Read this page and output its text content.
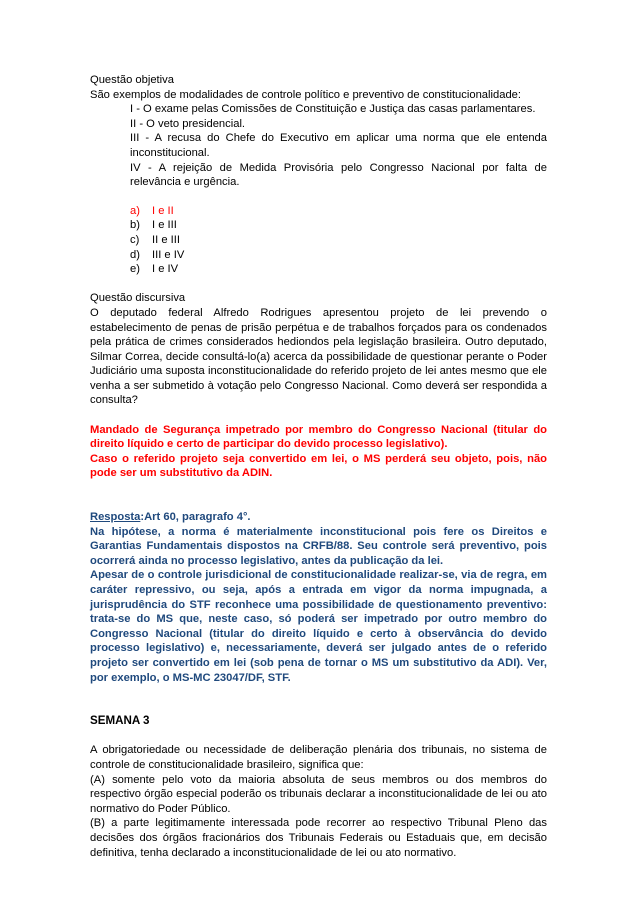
Questão objetiva

São exemplos de modalidades de controle político e preventivo de constitucionalidade:

I - O exame pelas Comissões de Constituição e Justiça das casas parlamentares.

II - O veto presidencial.

III - A recusa do Chefe do Executivo em aplicar uma norma que ele entenda inconstitucional.

IV - A rejeição de Medida Provisória pelo Congresso Nacional por falta de relevância e urgência.

a)	I e II
b)	I e III
c)	II e III
d)	III e IV
e)	I e IV

Questão discursiva

O deputado federal Alfredo Rodrigues apresentou projeto de lei prevendo o estabelecimento de penas de prisão perpétua e de trabalhos forçados para os condenados pela prática de crimes considerados hediondos pela legislação brasileira. Outro deputado, Silmar Correa, decide consultá-lo(a) acerca da possibilidade de questionar perante o Poder Judiciário uma suposta inconstitucionalidade do referido projeto de lei antes mesmo que ele venha a ser submetido à votação pelo Congresso Nacional. Como deverá ser respondida a consulta?

Mandado de Segurança impetrado por membro do Congresso Nacional (titular do direito líquido e certo de participar do devido processo legislativo).

Caso o referido projeto seja convertido em lei, o MS perderá seu objeto, pois, não pode ser um substitutivo da ADIN.

Resposta:Art 60, paragrafo 4°.

Na hipótese, a norma é materialmente inconstitucional pois fere os Direitos e Garantias Fundamentais dispostos na CRFB/88. Seu controle será preventivo, pois ocorrerá ainda no processo legislativo, antes da publicação da lei.

Apesar de o controle jurisdicional de constitucionalidade realizar-se, via de regra, em caráter repressivo, ou seja, após a entrada em vigor da norma impugnada, a jurisprudência do STF reconhece uma possibilidade de questionamento preventivo: trata-se do MS que, neste caso, só poderá ser impetrado por outro membro do Congresso Nacional (titular do direito líquido e certo à observância do devido processo legislativo) e, necessariamente, deverá ser julgado antes de o referido projeto ser convertido em lei (sob pena de tornar o MS um substitutivo da ADI). Ver, por exemplo, o MS-MC 23047/DF, STF.

SEMANA 3

A obrigatoriedade ou necessidade de deliberação plenária dos tribunais, no sistema de controle de constitucionalidade brasileiro, significa que:

(A) somente pelo voto da maioria absoluta de seus membros ou dos membros do respectivo órgão especial poderão os tribunais declarar a inconstitucionalidade de lei ou ato normativo do Poder Público.

(B) a parte legitimamente interessada pode recorrer ao respectivo Tribunal Pleno das decisões dos órgãos fracionários dos Tribunais Federais ou Estaduais que, em decisão definitiva, tenha declarado a inconstitucionalidade de lei ou ato normativo.
